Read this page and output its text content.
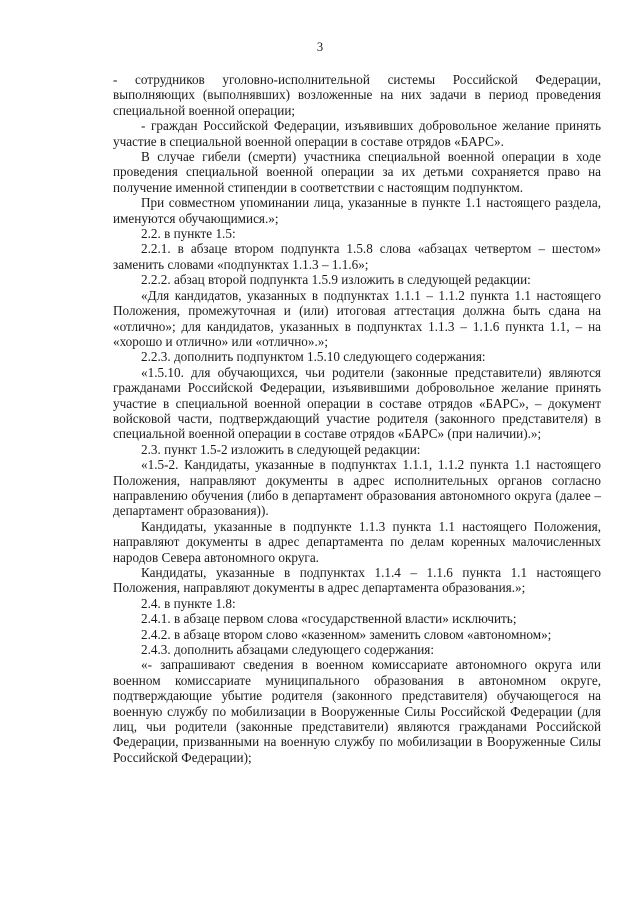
3

- сотрудников уголовно-исполнительной системы Российской Федерации, выполняющих (выполнявших) возложенные на них задачи в период проведения специальной военной операции;

- граждан Российской Федерации, изъявивших добровольное желание принять участие в специальной военной операции в составе отрядов «БАРС».

В случае гибели (смерти) участника специальной военной операции в ходе проведения специальной военной операции за их детьми сохраняется право на получение именной стипендии в соответствии с настоящим подпунктом.

При совместном упоминании лица, указанные в пункте 1.1 настоящего раздела, именуются обучающимися.»;

2.2. в пункте 1.5:

2.2.1. в абзаце втором подпункта 1.5.8 слова «абзацах четвертом – шестом» заменить словами «подпунктах 1.1.3 – 1.1.6»;

2.2.2. абзац второй подпункта 1.5.9 изложить в следующей редакции:

«Для кандидатов, указанных в подпунктах 1.1.1 – 1.1.2 пункта 1.1 настоящего Положения, промежуточная и (или) итоговая аттестация должна быть сдана на «отлично»; для кандидатов, указанных в подпунктах 1.1.3 – 1.1.6 пункта 1.1, – на «хорошо и отлично» или «отлично».»;

2.2.3. дополнить подпунктом 1.5.10 следующего содержания:

«1.5.10. для обучающихся, чьи родители (законные представители) являются гражданами Российской Федерации, изъявившими добровольное желание принять участие в специальной военной операции в составе отрядов «БАРС», – документ войсковой части, подтверждающий участие родителя (законного представителя) в специальной военной операции в составе отрядов «БАРС» (при наличии).»;

2.3. пункт 1.5-2 изложить в следующей редакции:

«1.5-2. Кандидаты, указанные в подпунктах 1.1.1, 1.1.2 пункта 1.1 настоящего Положения, направляют документы в адрес исполнительных органов согласно направлению обучения (либо в департамент образования автономного округа (далее – департамент образования)).

Кандидаты, указанные в подпункте 1.1.3 пункта 1.1 настоящего Положения, направляют документы в адрес департамента по делам коренных малочисленных народов Севера автономного округа.

Кандидаты, указанные в подпунктах 1.1.4 – 1.1.6 пункта 1.1 настоящего Положения, направляют документы в адрес департамента образования.»;

2.4. в пункте 1.8:

2.4.1. в абзаце первом слова «государственной власти» исключить;

2.4.2. в абзаце втором слово «казенном» заменить словом «автономном»;

2.4.3. дополнить абзацами следующего содержания:

«- запрашивают сведения в военном комиссариате автономного округа или военном комиссариате муниципального образования в автономном округе, подтверждающие убытие родителя (законного представителя) обучающегося на военную службу по мобилизации в Вооруженные Силы Российской Федерации (для лиц, чьи родители (законные представители) являются гражданами Российской Федерации, призванными на военную службу по мобилизации в Вооруженные Силы Российской Федерации);
